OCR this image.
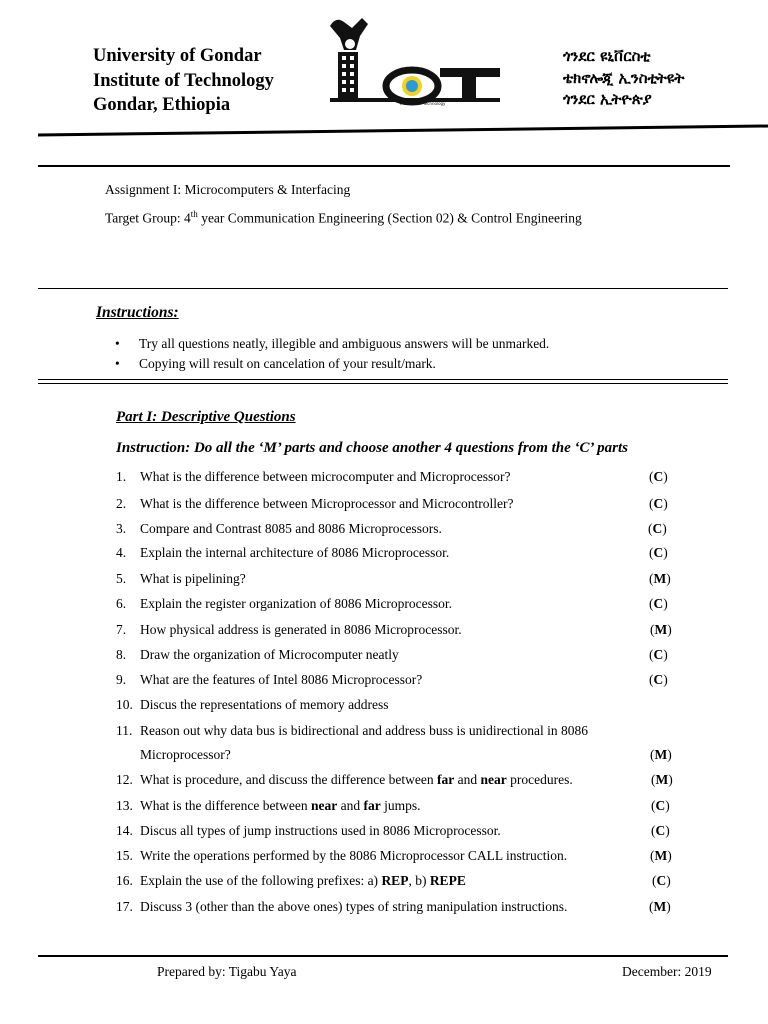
University of Gondar
Institute of Technology
Gondar, Ethiopia	Institute of Technology
ጎንደር ዩኒቨርስቲ
ቴክኖሎጂ ኢንስቲትዩት
ጎንደር ኢትዮጵያ
Assignment I: Microcomputers & Interfacing
Target Group: 4th year Communication Engineering (Section 02) & Control Engineering
Instructions:
• Try all questions neatly, illegible and ambiguous answers will be unmarked.
• Copying will result on cancelation of your result/mark.
Part I: Descriptive Questions
Instruction: Do all the ‘M’ parts and choose another 4 questions from the ‘C’ parts
1. What is the difference between microcomputer and Microprocessor?	(C)
2. What is the difference between Microprocessor and Microcontroller?	(C)
3. Compare and Contrast 8085 and 8086 Microprocessors.	(C)
4. Explain the internal architecture of 8086 Microprocessor.	(C)
5. What is pipelining?	(M)
6. Explain the register organization of 8086 Microprocessor.	(C)
7. How physical address is generated in 8086 Microprocessor.	(M)
8. Draw the organization of Microcomputer neatly	(C)
9. What are the features of Intel 8086 Microprocessor?	(C)
10. Discus the representations of memory address
11. Reason out why data bus is bidirectional and address buss is unidirectional in 8086
Microprocessor?	(M)
12. What is procedure, and discuss the difference between far and near procedures.	(M)
13. What is the difference between near and far jumps.	(C)
14. Discus all types of jump instructions used in 8086 Microprocessor.	(C)
15. Write the operations performed by the 8086 Microprocessor CALL instruction.	(M)
16. Explain the use of the following prefixes: a) REP, b) REPE	(C)
17. Discuss 3 (other than the above ones) types of string manipulation instructions.	(M)
Prepared by: Tigabu Yaya	December: 2019
